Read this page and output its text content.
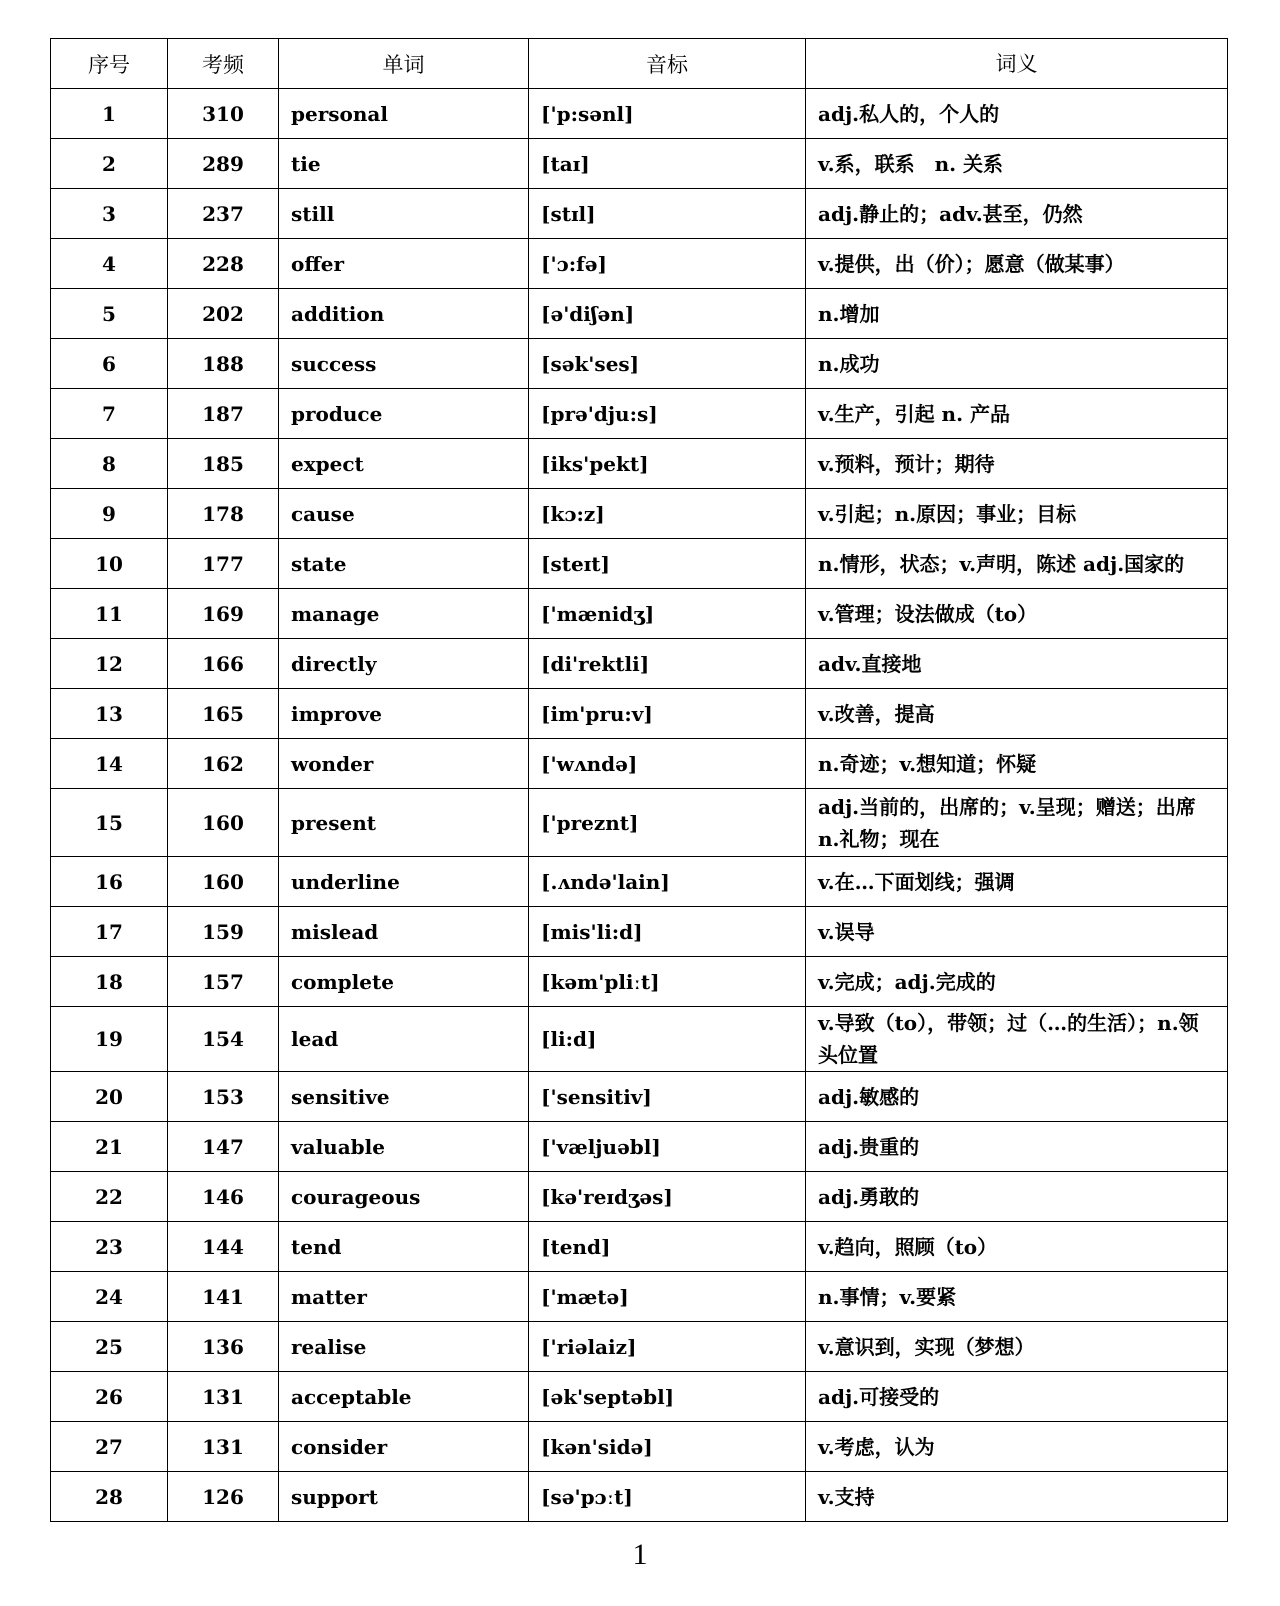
序号	考频	单词	音标	词义
1	310	personal	['p:sənl]	adj.私人的，个人的
2	289	tie	[taɪ]	v.系，联系　n. 关系
3	237	still	[stɪl]	adj.静止的；adv.甚至，仍然
4	228	offer	['ɔ:fə]	v.提供，出（价）；愿意（做某事）
5	202	addition	[ə'diʃən]	n.增加
6	188	success	[sək'ses]	n.成功
7	187	produce	[prə'dju:s]	v.生产，引起 n. 产品
8	185	expect	[iks'pekt]	v.预料，预计；期待
9	178	cause	[kɔ:z]	v.引起；n.原因；事业；目标
10	177	state	[steɪt]	n.情形，状态；v.声明，陈述 adj.国家的
11	169	manage	['mænidʒ]	v.管理；设法做成（to）
12	166	directly	[di'rektli]	adv.直接地
13	165	improve	[im'pru:v]	v.改善，提高
14	162	wonder	['wʌndə]	n.奇迹；v.想知道；怀疑
15	160	present	['preznt]	adj.当前的，出席的；v.呈现；赠送；出席 n.礼物；现在
16	160	underline	[.ʌndə'lain]	v.在…下面划线；强调
17	159	mislead	[mis'li:d]	v.误导
18	157	complete	[kəm'pliːt]	v.完成；adj.完成的
19	154	lead	[li:d]	v.导致（to），带领；过（…的生活）；n.领头位置
20	153	sensitive	['sensitiv]	adj.敏感的
21	147	valuable	['væljuəbl]	adj.贵重的
22	146	courageous	[kə'reɪdʒəs]	adj.勇敢的
23	144	tend	[tend]	v.趋向，照顾（to）
24	141	matter	['mætə]	n.事情；v.要紧
25	136	realise	['riəlaiz]	v.意识到，实现（梦想）
26	131	acceptable	[ək'septəbl]	adj.可接受的
27	131	consider	[kən'sidə]	v.考虑，认为
28	126	support	[sə'pɔːt]	v.支持
1
